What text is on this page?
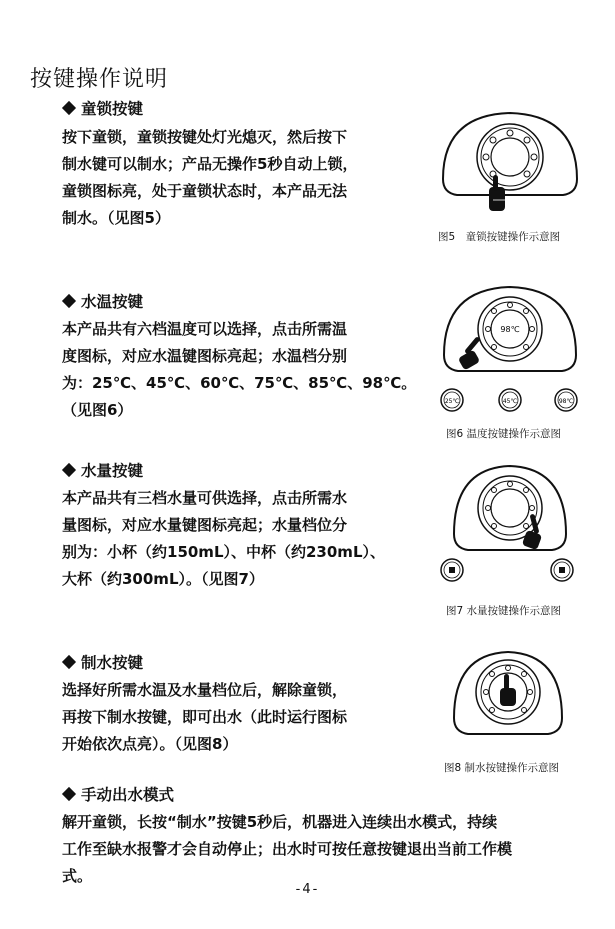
按键操作说明
童锁按键
按下童锁，童锁按键处灯光熄灭，然后按下
制水键可以制水；产品无操作5秒自动上锁，
童锁图标亮，处于童锁状态时，本产品无法
制水。（见图5）
图5　童锁按键操作示意图
水温按键
本产品共有六档温度可以选择，点击所需温
度图标，对应水温键图标亮起；水温档分别
为：25℃、45℃、60℃、75℃、85℃、98℃。
（见图6）
98℃
25℃	45℃	98℃
图6 温度按键操作示意图
水量按键
本产品共有三档水量可供选择，点击所需水
量图标，对应水量键图标亮起；水量档位分
别为：小杯（约150mL）、中杯（约230mL）、
大杯（约300mL）。（见图7）
图7 水量按键操作示意图
制水按键
选择好所需水温及水量档位后，解除童锁，
再按下制水按键，即可出水（此时运行图标
开始依次点亮）。（见图8）
图8 制水按键操作示意图
手动出水模式
解开童锁，长按“制水”按键5秒后，机器进入连续出水模式，持续
工作至缺水报警才会自动停止；出水时可按任意按键退出当前工作模
式。
-4-
